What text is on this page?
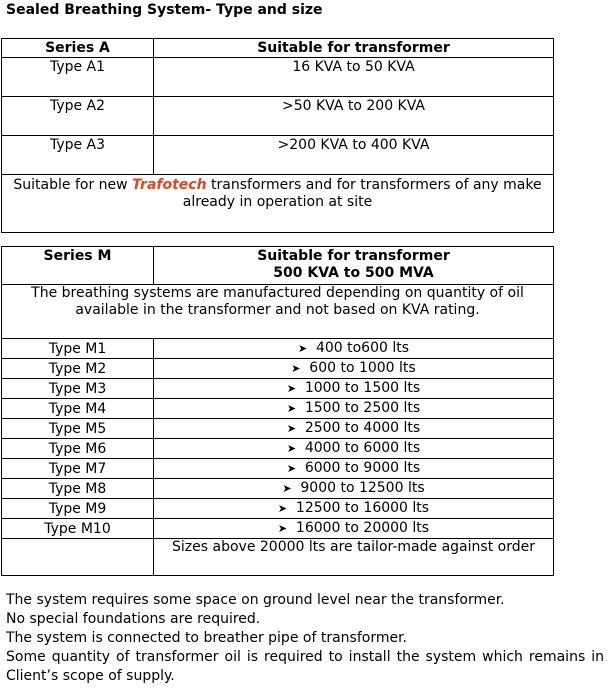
Sealed Breathing System- Type and size
Series A	Suitable for transformer
Type A1	16 KVA to 50 KVA
Type A2	>50 KVA to 200 KVA
Type A3	>200 KVA to 400 KVA
Suitable for new Trafotech transformers and for transformers of any make already in operation at site	
Series M	Suitable for transformer
500 KVA to 500 MVA

The breathing systems are manufactured depending on quantity of oil available in the transformer and not based on KVA rating.	
Type M1	➤ 400 to600 lts
Type M2	➤ 600 to 1000 lts
Type M3	➤ 1000 to 1500 lts
Type M4	➤ 1500 to 2500 lts
Type M5	➤ 2500 to 4000 lts
Type M6	➤ 4000 to 6000 lts
Type M7	➤ 6000 to 9000 lts
Type M8	➤ 9000 to 12500 lts
Type M9	➤ 12500 to 16000 lts
Type M10	➤ 16000 to 20000 lts
	Sizes above 20000 lts are tailor-made against order

The system requires some space on ground level near the transformer.

No special foundations are required.

The system is connected to breather pipe of transformer.

Some quantity of transformer oil is required to install the system which remains in Client’s scope of supply.
